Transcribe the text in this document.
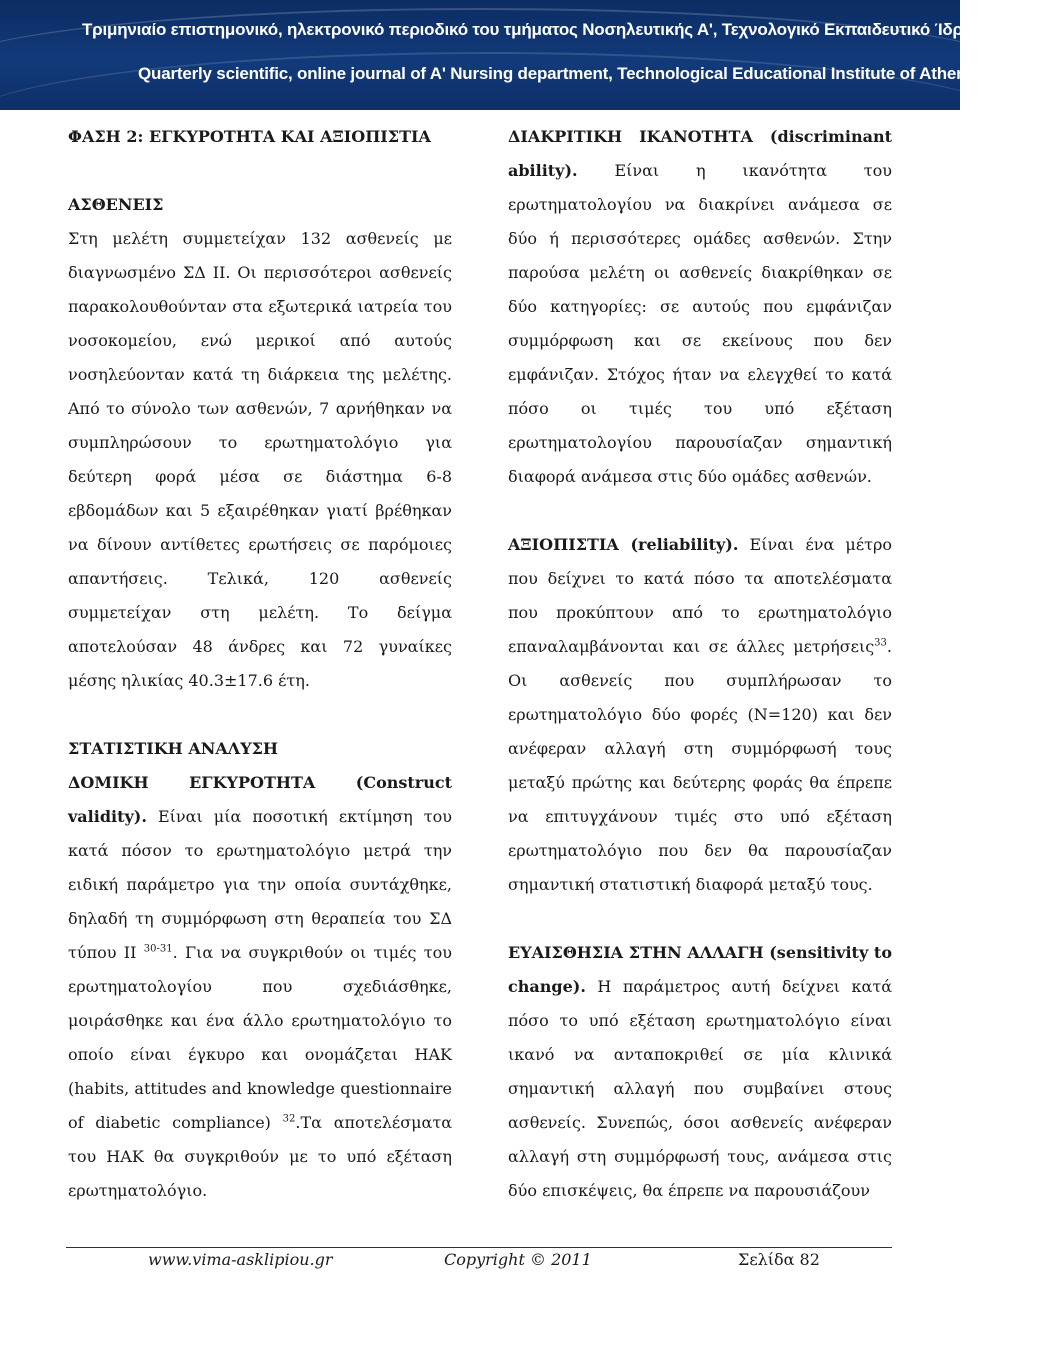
Τριμηνιαίο επιστημονικό, ηλεκτρονικό περιοδικό του τμήματος Νοσηλευτικής Α', Τεχνολογικό Εκπαιδευτικό Ίδρυμα Αθηνών
Quarterly scientific, online journal of A' Nursing department, Technological Educational Institute of Athens

ΦΑΣΗ 2: ΕΓΚΥΡΟΤΗΤΑ ΚΑΙ ΑΞΙΟΠΙΣΤΙΑ

ΑΣΘΕΝΕΙΣ

Στη μελέτη συμμετείχαν 132 ασθενείς με διαγνωσμένο ΣΔ ΙΙ. Οι περισσότεροι ασθενείς παρακολουθούνταν στα εξωτερικά ιατρεία του νοσοκομείου, ενώ μερικοί από αυτούς νοσηλεύονταν κατά τη διάρκεια της μελέτης. Από το σύνολο των ασθενών, 7 αρνήθηκαν να συμπληρώσουν το ερωτηματολόγιο για δεύτερη φορά μέσα σε διάστημα 6-8 εβδομάδων και 5 εξαιρέθηκαν γιατί βρέθηκαν να δίνουν αντίθετες ερωτήσεις σε παρόμοιες απαντήσεις. Τελικά, 120 ασθενείς συμμετείχαν στη μελέτη. Το δείγμα αποτελούσαν 48 άνδρες και 72 γυναίκες μέσης ηλικίας 40.3±17.6 έτη.

ΣΤΑΤΙΣΤΙΚΗ ΑΝΑΛΥΣΗ

ΔΟΜΙΚΗ ΕΓΚΥΡΟΤΗΤΑ (Construct validity). Είναι μία ποσοτική εκτίμηση του κατά πόσον το ερωτηματολόγιο μετρά την ειδική παράμετρο για την οποία συντάχθηκε, δηλαδή τη συμμόρφωση στη θεραπεία του ΣΔ τύπου ΙΙ $^{30-31}$. Για να συγκριθούν οι τιμές του ερωτηματολογίου που σχεδιάσθηκε, μοιράσθηκε και ένα άλλο ερωτηματολόγιο το οποίο είναι έγκυρο και ονομάζεται HAK (habits, attitudes and knowledge questionnaire of diabetic compliance) $^{32}$.Τα αποτελέσματα του HAK θα συγκριθούν με το υπό εξέταση ερωτηματολόγιο.

ΔΙΑΚΡΙΤΙΚΗ ΙΚΑΝΟΤΗΤΑ (discriminant ability). Είναι η ικανότητα του ερωτηματολογίου να διακρίνει ανάμεσα σε δύο ή περισσότερες ομάδες ασθενών. Στην παρούσα μελέτη οι ασθενείς διακρίθηκαν σε δύο κατηγορίες: σε αυτούς που εμφάνιζαν συμμόρφωση και σε εκείνους που δεν εμφάνιζαν. Στόχος ήταν να ελεγχθεί το κατά πόσο οι τιμές του υπό εξέταση ερωτηματολογίου παρουσίαζαν σημαντική διαφορά ανάμεσα στις δύο ομάδες ασθενών.

ΑΞΙΟΠΙΣΤΙΑ (reliability). Είναι ένα μέτρο που δείχνει το κατά πόσο τα αποτελέσματα που προκύπτουν από το ερωτηματολόγιο επαναλαμβάνονται και σε άλλες μετρήσεις$^{33}$. Οι ασθενείς που συμπλήρωσαν το ερωτηματολόγιο δύο φορές (N=120) και δεν ανέφεραν αλλαγή στη συμμόρφωσή τους μεταξύ πρώτης και δεύτερης φοράς θα έπρεπε να επιτυγχάνουν τιμές στο υπό εξέταση ερωτηματολόγιο που δεν θα παρουσίαζαν σημαντική στατιστική διαφορά μεταξύ τους.

ΕΥΑΙΣΘΗΣΙΑ ΣΤΗΝ ΑΛΛΑΓΗ (sensitivity to change). Η παράμετρος αυτή δείχνει κατά πόσο το υπό εξέταση ερωτηματολόγιο είναι ικανό να ανταποκριθεί σε μία κλινικά σημαντική αλλαγή που συμβαίνει στους ασθενείς. Συνεπώς, όσοι ασθενείς ανέφεραν αλλαγή στη συμμόρφωσή τους, ανάμεσα στις δύο επισκέψεις, θα έπρεπε να παρουσιάζουν

www.vima-asklipiou.gr	Copyright © 2011	Σελίδα 82
